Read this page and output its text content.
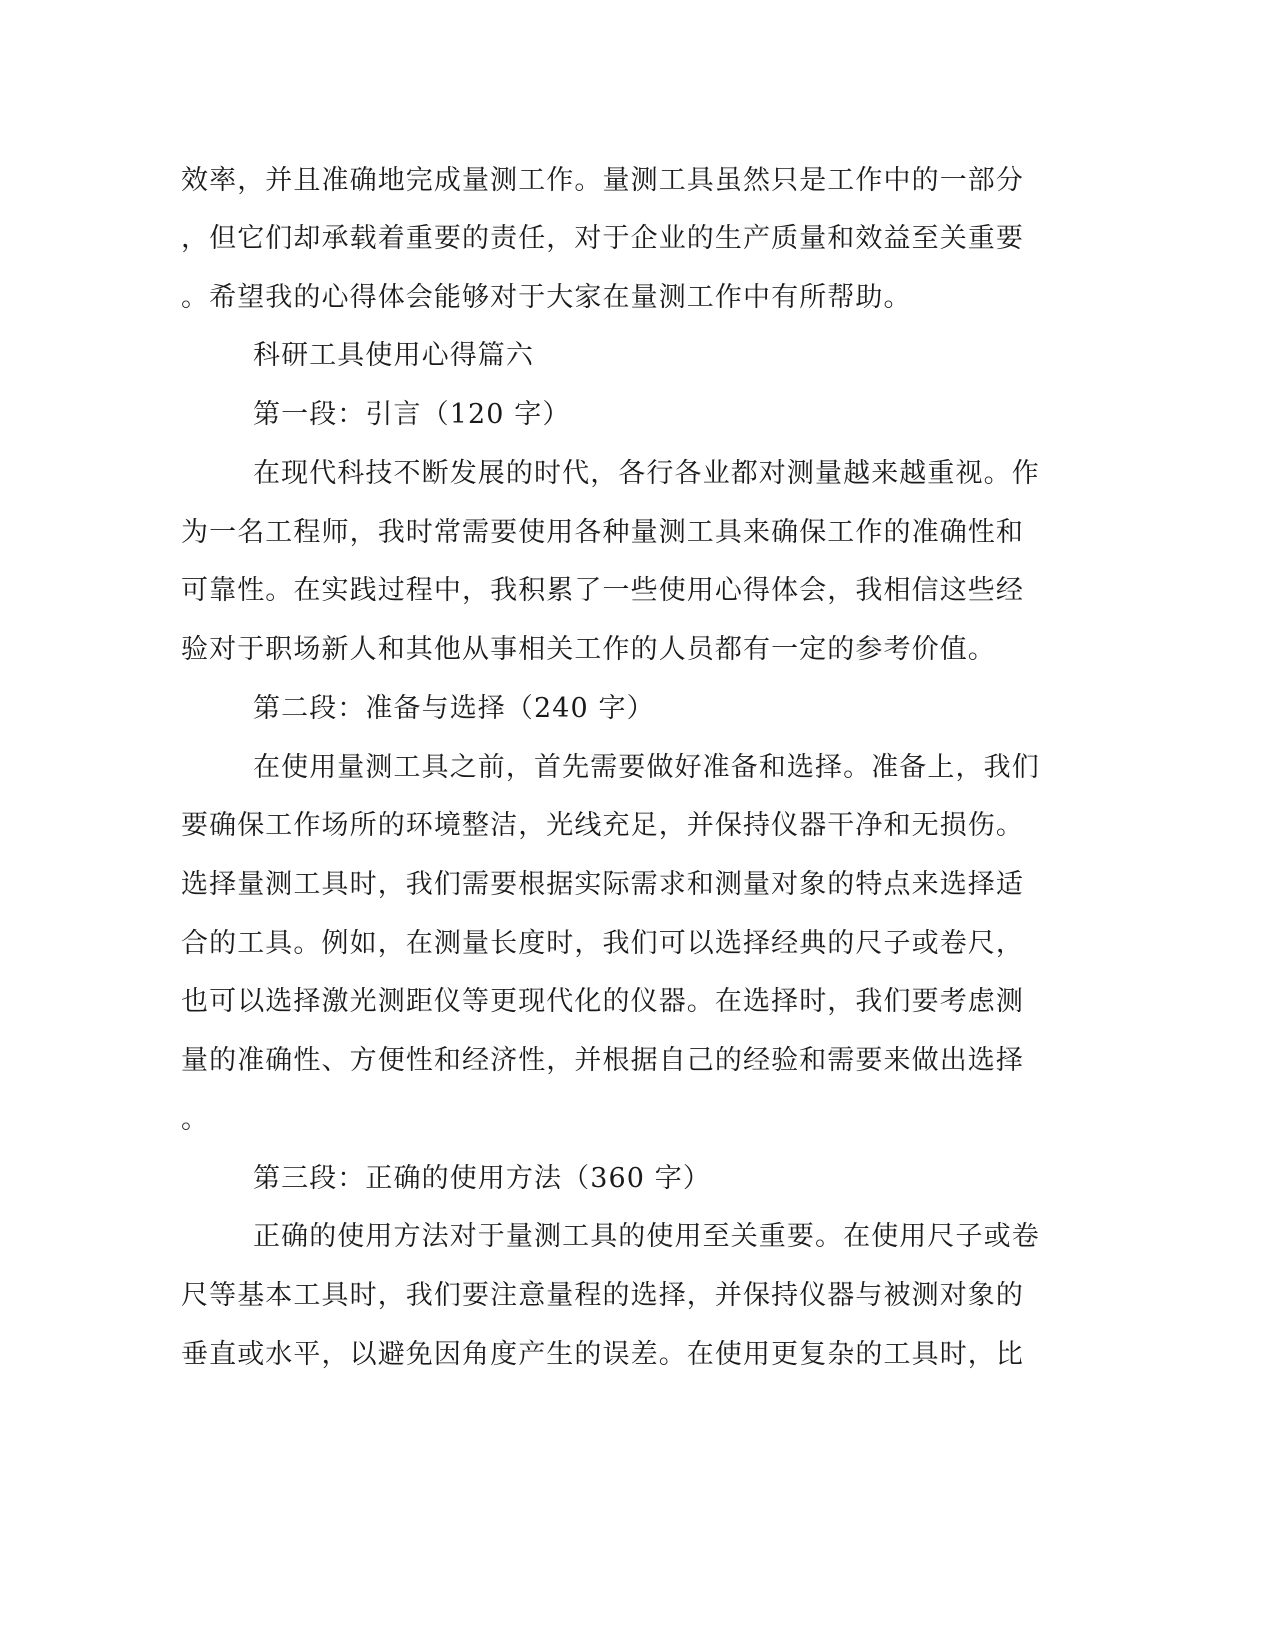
效率，并且准确地完成量测工作。量测工具虽然只是工作中的一部分
，但它们却承载着重要的责任，对于企业的生产质量和效益至关重要
。希望我的心得体会能够对于大家在量测工作中有所帮助。
科研工具使用心得篇六
第一段：引言（120 字）
在现代科技不断发展的时代，各行各业都对测量越来越重视。作
为一名工程师，我时常需要使用各种量测工具来确保工作的准确性和
可靠性。在实践过程中，我积累了一些使用心得体会，我相信这些经
验对于职场新人和其他从事相关工作的人员都有一定的参考价值。
第二段：准备与选择（240 字）
在使用量测工具之前，首先需要做好准备和选择。准备上，我们
要确保工作场所的环境整洁，光线充足，并保持仪器干净和无损伤。
选择量测工具时，我们需要根据实际需求和测量对象的特点来选择适
合的工具。例如，在测量长度时，我们可以选择经典的尺子或卷尺，
也可以选择激光测距仪等更现代化的仪器。在选择时，我们要考虑测
量的准确性、方便性和经济性，并根据自己的经验和需要来做出选择
。
第三段：正确的使用方法（360 字）
正确的使用方法对于量测工具的使用至关重要。在使用尺子或卷
尺等基本工具时，我们要注意量程的选择，并保持仪器与被测对象的
垂直或水平，以避免因角度产生的误差。在使用更复杂的工具时，比
